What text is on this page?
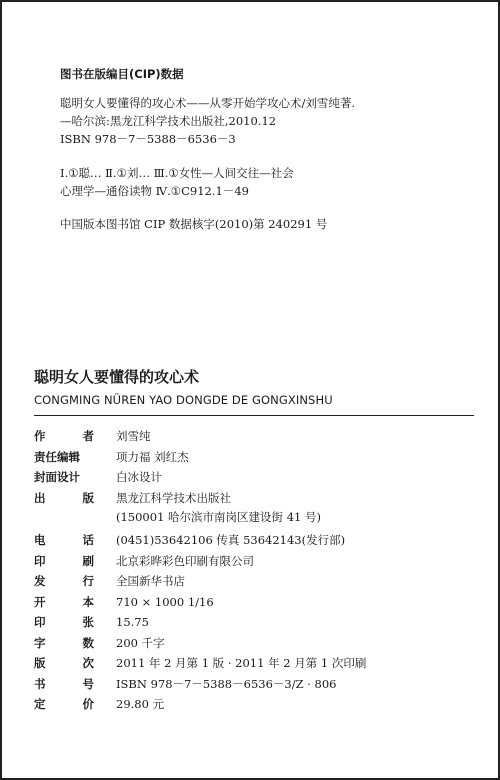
图书在版编目(CIP)数据
聪明女人要懂得的攻心术——从零开始学攻心术/刘雪纯著.
—哈尔滨:黑龙江科学技术出版社,2010.12
ISBN 978－7－5388－6536－3
Ⅰ.①聪… Ⅱ.①刘… Ⅲ.①女性—人间交往—社会
心理学—通俗读物 Ⅳ.①C912.1－49
中国版本图书馆 CIP 数据核字(2010)第 240291 号
聪明女人要懂得的攻心术
CONGMING NÜREN YAO DONGDE DE GONGXINSHU
作	者 刘雪纯
责任编辑	项力福 刘红杰
封面设计	白冰设计
出	版 黑龙江科学技术出版社
(150001 哈尔滨市南岗区建设街 41 号)
电	话 (0451)53642106 传真 53642143(发行部)
印	刷 北京彩晔彩色印刷有限公司
发	行 全国新华书店
开	本 710 × 1000 1/16
印	张 15.75
字	数 200 千字
版	次 2011 年 2 月第 1 版 · 2011 年 2 月第 1 次印刷
书	号 ISBN 978－7－5388－6536－3/Z · 806
定	价 29.80 元
